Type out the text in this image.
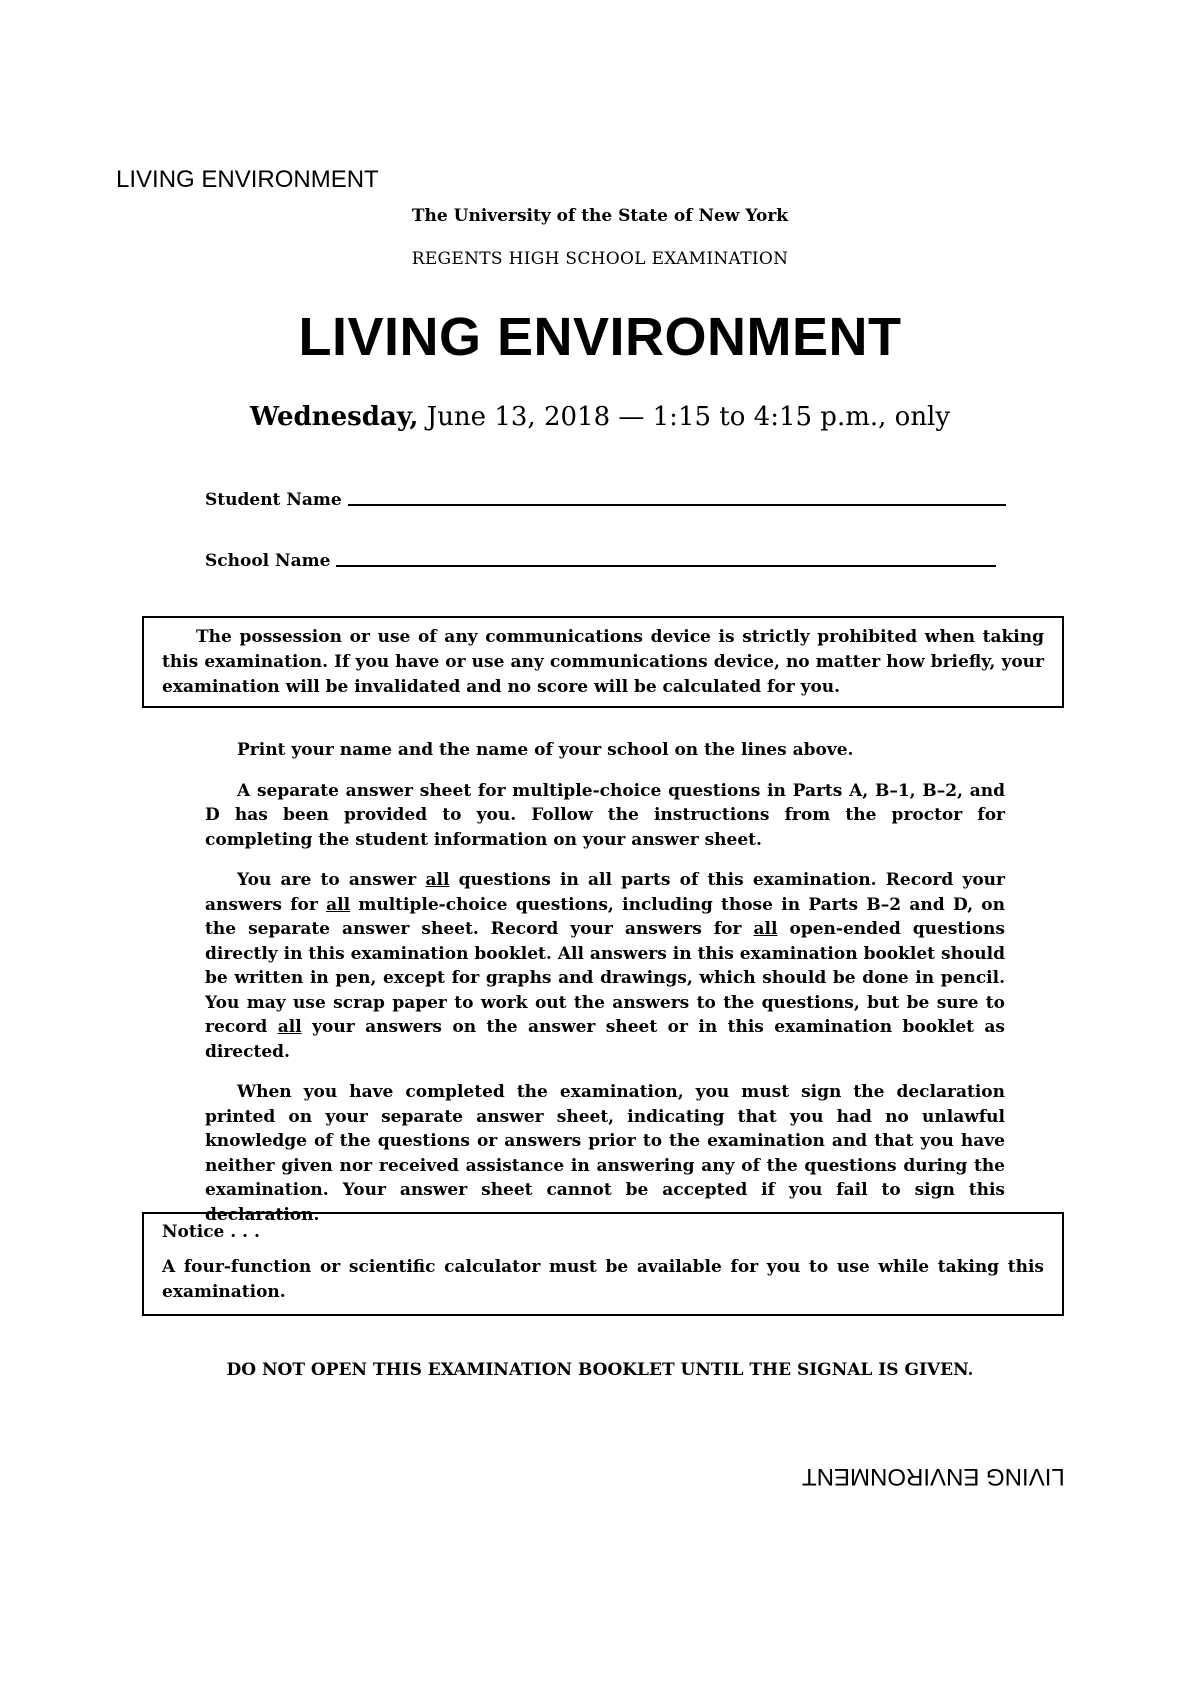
LIVING ENVIRONMENT
The University of the State of New York
REGENTS HIGH SCHOOL EXAMINATION
LIVING ENVIRONMENT
Wednesday, June 13, 2018 — 1:15 to 4:15 p.m., only
Student Name
School Name

The possession or use of any communications device is strictly prohibited when taking this examination. If you have or use any communications device, no matter how briefly, your examination will be invalidated and no score will be calculated for you.

Print your name and the name of your school on the lines above.

A separate answer sheet for multiple-choice questions in Parts A, B–1, B–2, and D has been provided to you. Follow the instructions from the proctor for completing the student information on your answer sheet.

You are to answer all questions in all parts of this examination. Record your answers for all multiple-choice questions, including those in Parts B–2 and D, on the separate answer sheet. Record your answers for all open-ended questions directly in this examination booklet. All answers in this examination booklet should be written in pen, except for graphs and drawings, which should be done in pencil. You may use scrap paper to work out the answers to the questions, but be sure to record all your answers on the answer sheet or in this examination booklet as directed.

When you have completed the examination, you must sign the declaration printed on your separate answer sheet, indicating that you had no unlawful knowledge of the questions or answers prior to the examination and that you have neither given nor received assistance in answering any of the questions during the examination. Your answer sheet cannot be accepted if you fail to sign this declaration.

Notice . . .

A four-function or scientific calculator must be available for you to use while taking this examination.

DO NOT OPEN THIS EXAMINATION BOOKLET UNTIL THE SIGNAL IS GIVEN.
LIVING ENVIRONMENT
